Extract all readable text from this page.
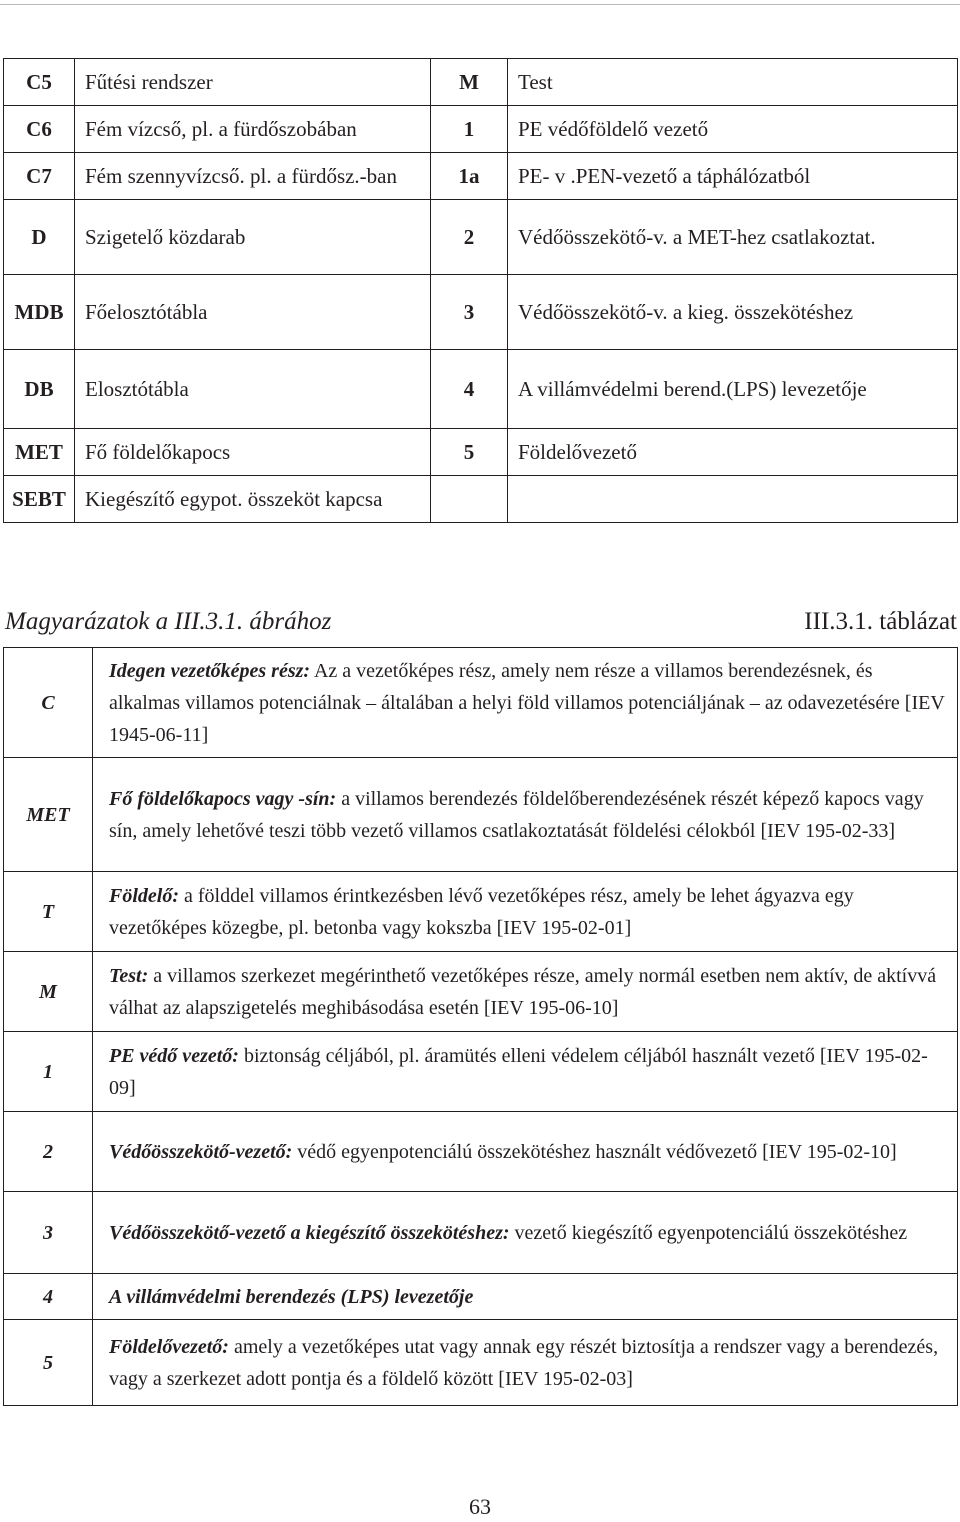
C5	Fűtési rendszer	M	Test
C6	Fém vízcső, pl. a fürdőszobában	1	PE védőföldelő vezető
C7	Fém szennyvízcső. pl. a fürdősz.-ban	1a	PE- v .PEN-vezető a táphálózatból
D	Szigetelő közdarab	2	Védőösszekötő-v. a MET-hez csatlakoztat.
MDB	Főelosztótábla	3	Védőösszekötő-v. a kieg. összekötéshez
DB	Elosztótábla	4	A villámvédelmi berend.(LPS) levezetője
MET	Fő földelőkapocs	5	Földelővezető
SEBT	Kiegészítő egypot. összeköt kapcsa		
Magyarázatok a III.3.1. ábrához	III.3.1. táblázat
C	Idegen vezetőképes rész: Az a vezetőképes rész, amely nem része a villamos berendezésnek, és alkalmas villamos potenciálnak – általában a helyi föld villamos potenciáljának – az odavezetésére [IEV 1945-06-11]
MET	Fő földelőkapocs vagy -sín: a villamos berendezés földelőberendezésének részét képező kapocs vagy sín, amely lehetővé teszi több vezető villamos csatlakoztatását földelési célokból [IEV 195-02-33]
T	Földelő: a földdel villamos érintkezésben lévő vezetőképes rész, amely be lehet ágyazva egy vezetőképes közegbe, pl. betonba vagy kokszba [IEV 195-02-01]
M	Test: a villamos szerkezet megérinthető vezetőképes része, amely normál esetben nem aktív, de aktívvá válhat az alapszigetelés meghibásodása esetén [IEV 195-06-10]
1	PE védő vezető: biztonság céljából, pl. áramütés elleni védelem céljából használt vezető [IEV 195-02-09]
2	Védőösszekötő-vezető: védő egyenpotenciálú összekötéshez használt védővezető [IEV 195-02-10]
3	Védőösszekötő-vezető a kiegészítő összekötéshez: vezető kiegészítő egyenpotenciálú összekötéshez
4	A villámvédelmi berendezés (LPS) levezetője
5	Földelővezető: amely a vezetőképes utat vagy annak egy részét biztosítja a rendszer vagy a berendezés, vagy a szerkezet adott pontja és a földelő között [IEV 195-02-03]
63
